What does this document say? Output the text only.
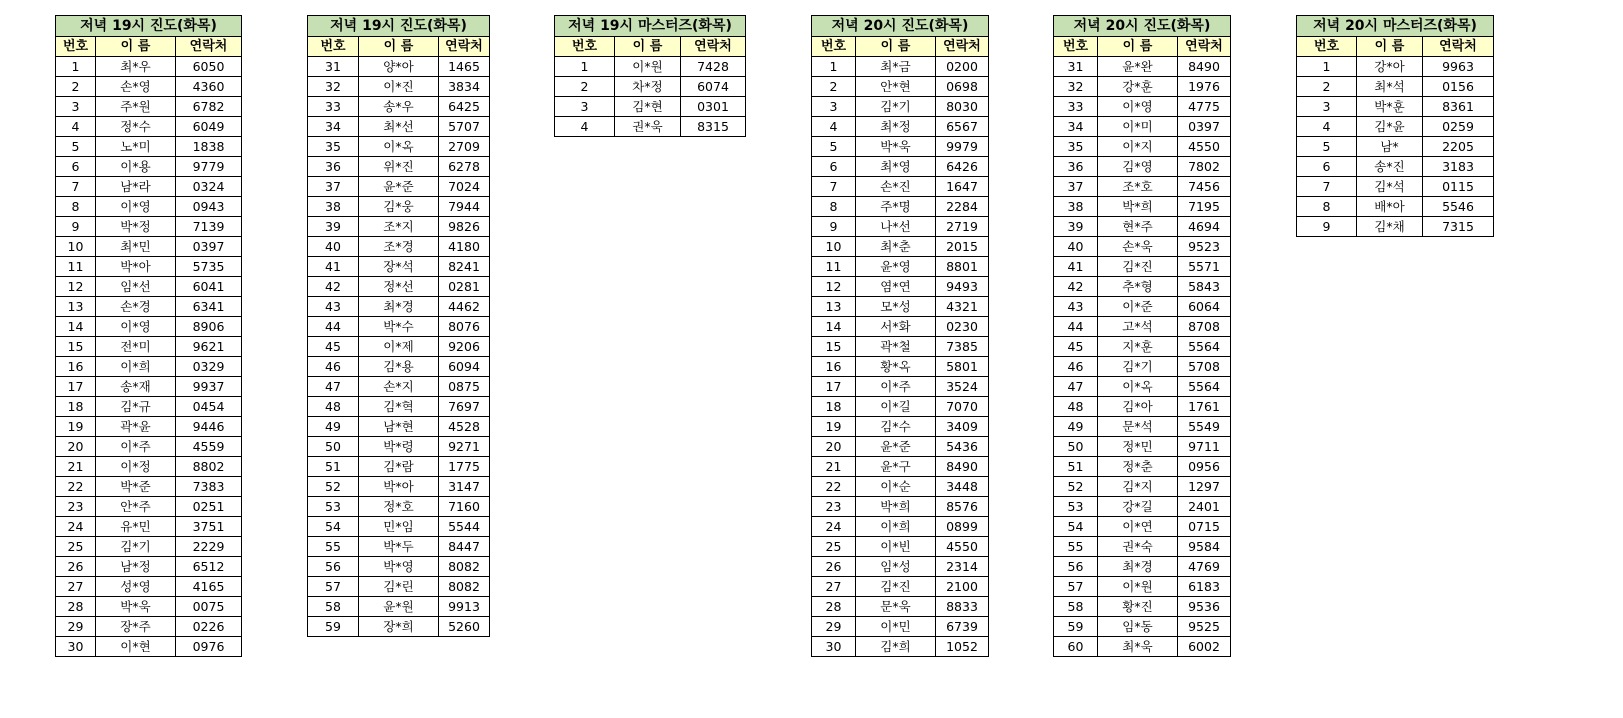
저녁 19시 진도(화목)		
번호	이 름	연락처
1	최*우	6050
2	손*영	4360
3	주*원	6782
4	정*수	6049
5	노*미	1838
6	이*용	9779
7	남*라	0324
8	이*영	0943
9	박*정	7139
10	최*민	0397
11	박*아	5735
12	임*선	6041
13	손*경	6341
14	이*영	8906
15	전*미	9621
16	이*희	0329
17	송*재	9937
18	김*규	0454
19	곽*윤	9446
20	이*주	4559
21	이*정	8802
22	박*준	7383
23	안*주	0251
24	유*민	3751
25	김*기	2229
26	남*정	6512
27	성*영	4165
28	박*욱	0075
29	장*주	0226
30	이*현	0976
저녁 19시 진도(화목)		
번호	이 름	연락처
31	양*아	1465
32	이*진	3834
33	송*우	6425
34	최*선	5707
35	이*옥	2709
36	위*진	6278
37	윤*준	7024
38	김*웅	7944
39	조*지	9826
40	조*경	4180
41	장*석	8241
42	정*선	0281
43	최*경	4462
44	박*수	8076
45	이*제	9206
46	김*용	6094
47	손*지	0875
48	김*혁	7697
49	남*현	4528
50	박*령	9271
51	김*람	1775
52	박*아	3147
53	정*호	7160
54	민*임	5544
55	박*두	8447
56	박*영	8082
57	김*린	8082
58	윤*원	9913
59	장*희	5260
저녁 19시 마스터즈(화목)		
번호	이 름	연락처
1	이*원	7428
2	차*정	6074
3	김*현	0301
4	권*욱	8315
저녁 20시 진도(화목)		
번호	이 름	연락처
1	최*금	0200
2	안*현	0698
3	김*기	8030
4	최*정	6567
5	박*욱	9979
6	최*영	6426
7	손*진	1647
8	주*명	2284
9	나*선	2719
10	최*춘	2015
11	윤*영	8801
12	염*연	9493
13	모*성	4321
14	서*화	0230
15	곽*철	7385
16	황*옥	5801
17	이*주	3524
18	이*길	7070
19	김*수	3409
20	윤*준	5436
21	윤*구	8490
22	이*순	3448
23	박*희	8576
24	이*희	0899
25	이*빈	4550
26	임*성	2314
27	김*진	2100
28	문*욱	8833
29	이*민	6739
30	김*희	1052
저녁 20시 진도(화목)		
번호	이 름	연락처
31	윤*완	8490
32	강*훈	1976
33	이*영	4775
34	이*미	0397
35	이*지	4550
36	김*영	7802
37	조*호	7456
38	박*희	7195
39	현*주	4694
40	손*욱	9523
41	김*진	5571
42	추*형	5843
43	이*준	6064
44	고*석	8708
45	지*훈	5564
46	김*기	5708
47	이*옥	5564
48	김*아	1761
49	문*석	5549
50	정*민	9711
51	정*춘	0956
52	김*지	1297
53	강*길	2401
54	이*연	0715
55	권*숙	9584
56	최*경	4769
57	이*원	6183
58	황*진	9536
59	임*동	9525
60	최*욱	6002
저녁 20시 마스터즈(화목)		
번호	이 름	연락처
1	강*아	9963
2	최*석	0156
3	박*훈	8361
4	김*윤	0259
5	남*	2205
6	송*진	3183
7	김*석	0115
8	배*아	5546
9	김*채	7315
